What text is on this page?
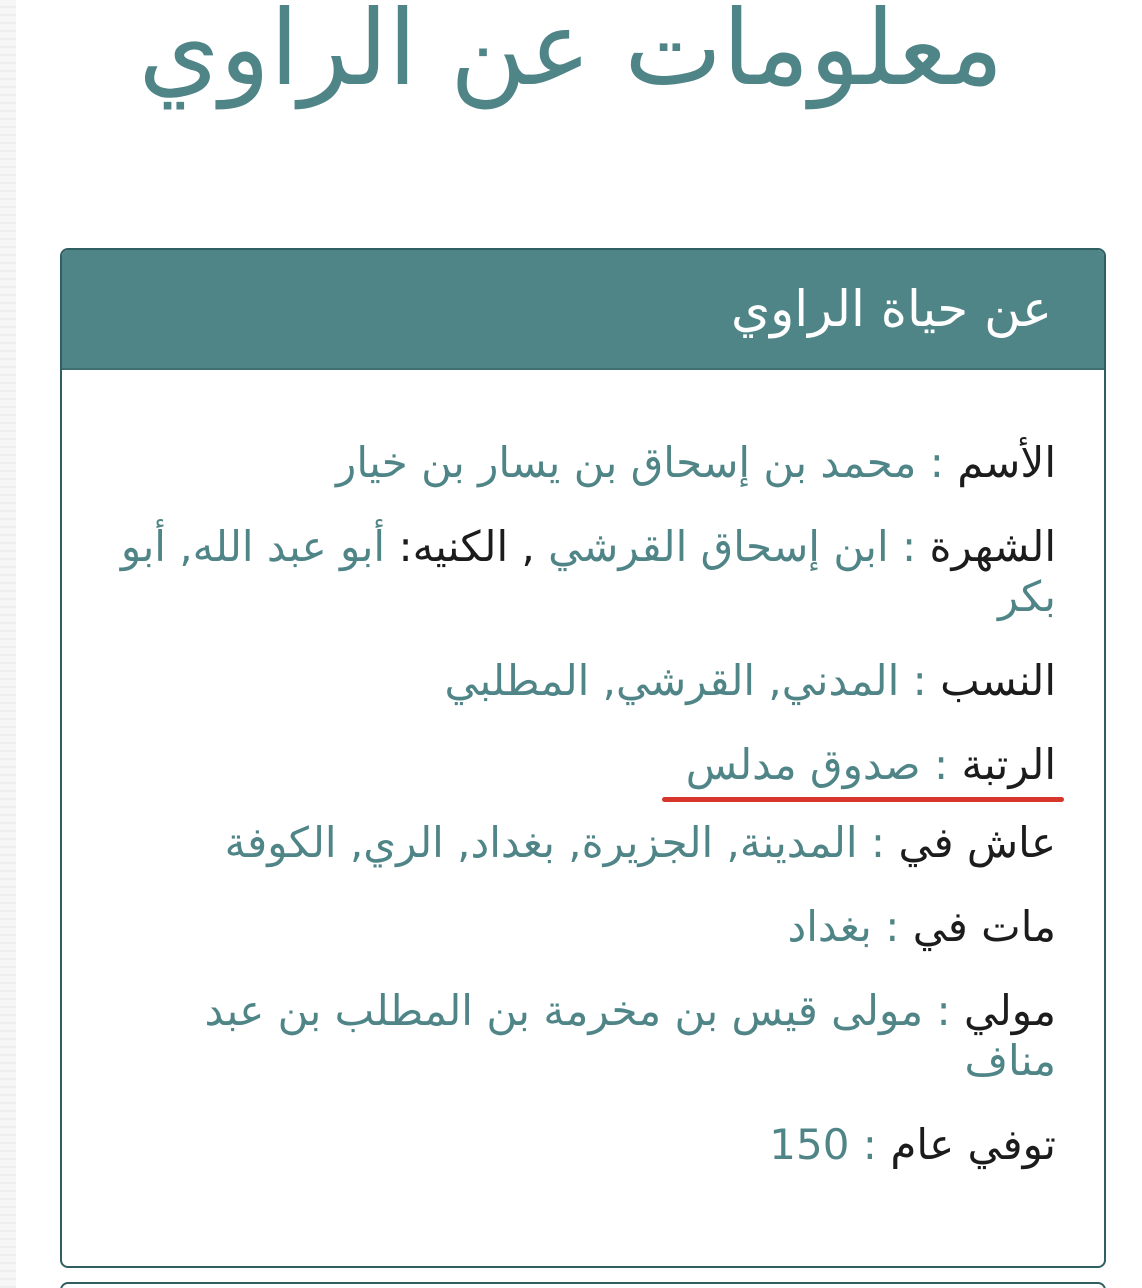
معلومات عن الراوي
عن حياة الراوي
الأسم : محمد بن إسحاق بن يسار بن خيار
الشهرة : ابن إسحاق القرشي , الكنيه: أبو عبد الله, أبو بكر
النسب : المدني, القرشي, المطلبي
الرتبة : صدوق مدلس
عاش في : المدينة, الجزيرة, بغداد, الري, الكوفة
مات في : بغداد
مولي : مولى قيس بن مخرمة بن المطلب بن عبد مناف
توفي عام : 150
